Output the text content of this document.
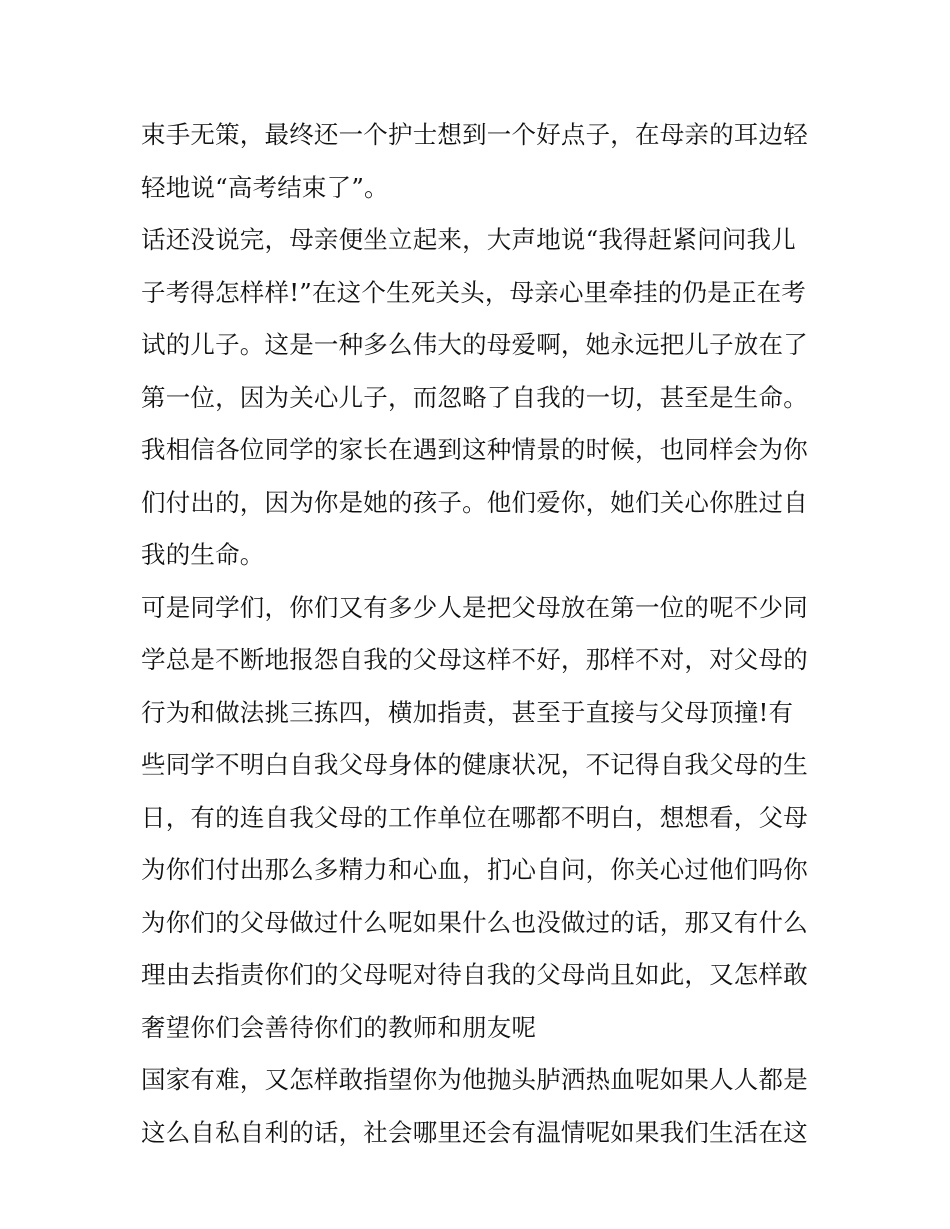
束手无策，最终还一个护士想到一个好点子，在母亲的耳边轻
轻地说“高考结束了”。
话还没说完，母亲便坐立起来，大声地说“我得赶紧问问我儿
子考得怎样样!”在这个生死关头，母亲心里牵挂的仍是正在考
试的儿子。这是一种多么伟大的母爱啊，她永远把儿子放在了
第一位，因为关心儿子，而忽略了自我的一切，甚至是生命。
我相信各位同学的家长在遇到这种情景的时候，也同样会为你
们付出的，因为你是她的孩子。他们爱你，她们关心你胜过自
我的生命。
可是同学们，你们又有多少人是把父母放在第一位的呢不少同
学总是不断地报怨自我的父母这样不好，那样不对，对父母的
行为和做法挑三拣四，横加指责，甚至于直接与父母顶撞!有
些同学不明白自我父母身体的健康状况，不记得自我父母的生
日，有的连自我父母的工作单位在哪都不明白，想想看，父母
为你们付出那么多精力和心血，扪心自问，你关心过他们吗你
为你们的父母做过什么呢如果什么也没做过的话，那又有什么
理由去指责你们的父母呢对待自我的父母尚且如此，又怎样敢
奢望你们会善待你们的教师和朋友呢
国家有难，又怎样敢指望你为他抛头胪洒热血呢如果人人都是
这么自私自利的话，社会哪里还会有温情呢如果我们生活在这
